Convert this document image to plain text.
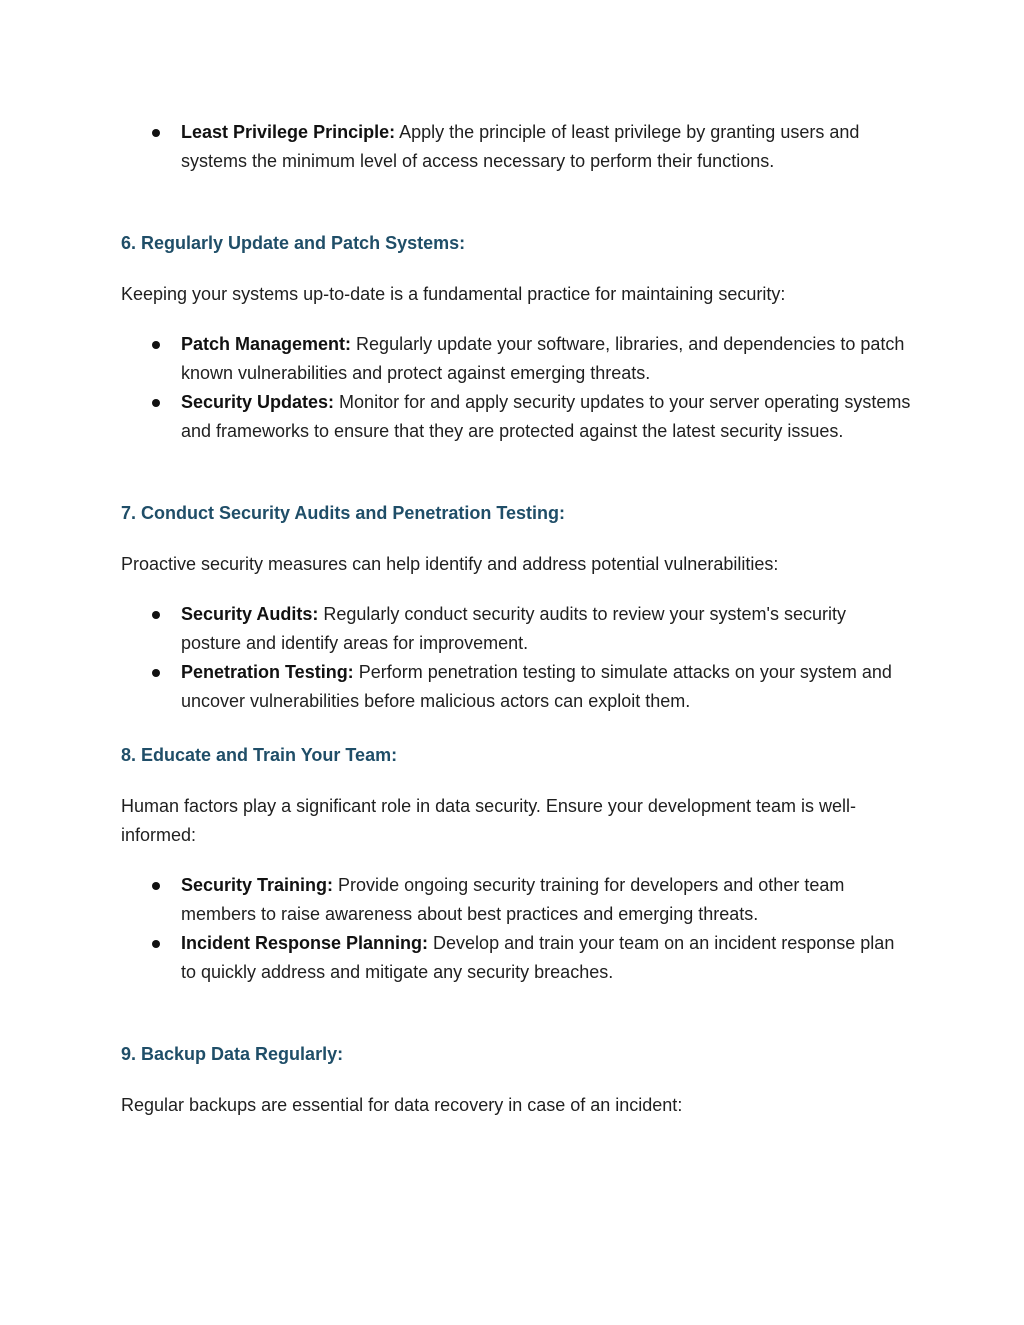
Least Privilege Principle: Apply the principle of least privilege by granting users and systems the minimum level of access necessary to perform their functions.
6. Regularly Update and Patch Systems:

Keeping your systems up-to-date is a fundamental practice for maintaining security:

Patch Management: Regularly update your software, libraries, and dependencies to patch known vulnerabilities and protect against emerging threats.
Security Updates: Monitor for and apply security updates to your server operating systems and frameworks to ensure that they are protected against the latest security issues.
7. Conduct Security Audits and Penetration Testing:

Proactive security measures can help identify and address potential vulnerabilities:

Security Audits: Regularly conduct security audits to review your system's security posture and identify areas for improvement.
Penetration Testing: Perform penetration testing to simulate attacks on your system and uncover vulnerabilities before malicious actors can exploit them.
8. Educate and Train Your Team:

Human factors play a significant role in data security. Ensure your development team is well-informed:

Security Training: Provide ongoing security training for developers and other team members to raise awareness about best practices and emerging threats.
Incident Response Planning: Develop and train your team on an incident response plan to quickly address and mitigate any security breaches.
9. Backup Data Regularly:

Regular backups are essential for data recovery in case of an incident:
